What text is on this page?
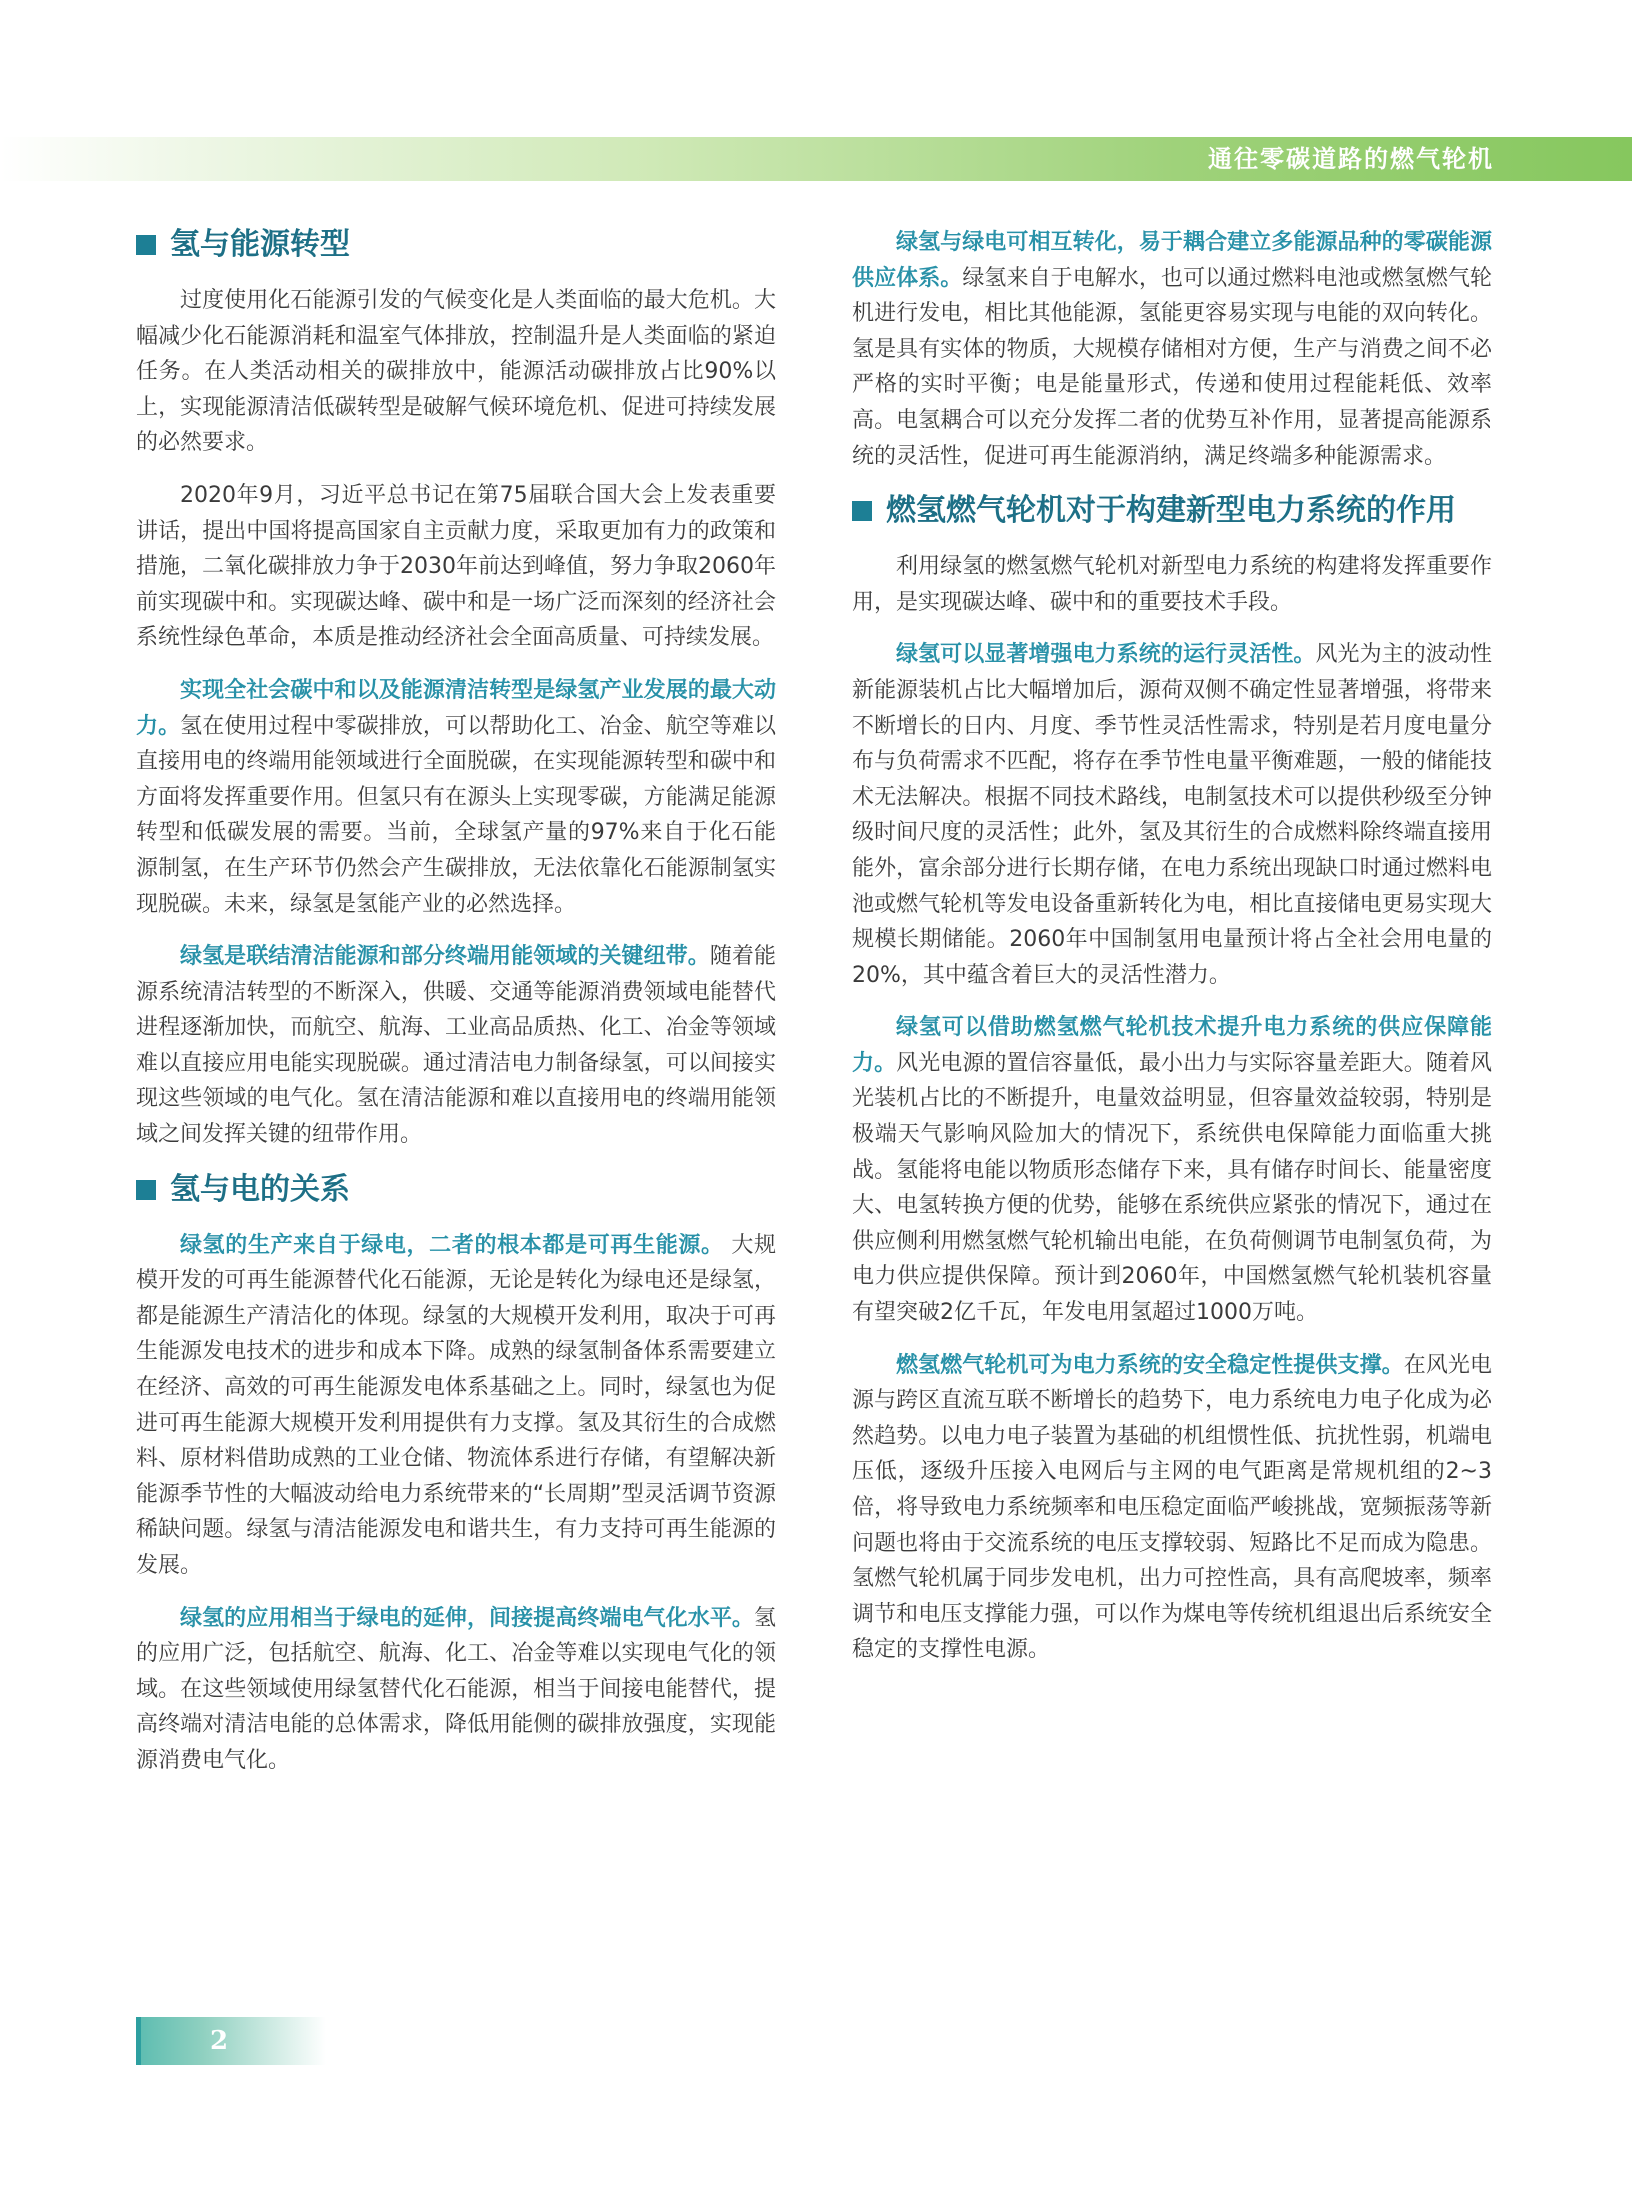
通往零碳道路的燃气轮机
氢与能源转型

过度使用化石能源引发的气候变化是人类面临的最大危机。大幅减少化石能源消耗和温室气体排放，控制温升是人类面临的紧迫任务。在人类活动相关的碳排放中，能源活动碳排放占比90%以上，实现能源清洁低碳转型是破解气候环境危机、促进可持续发展的必然要求。

2020年9月，习近平总书记在第75届联合国大会上发表重要讲话，提出中国将提高国家自主贡献力度，采取更加有力的政策和措施，二氧化碳排放力争于2030年前达到峰值，努力争取2060年前实现碳中和。实现碳达峰、碳中和是一场广泛而深刻的经济社会系统性绿色革命，本质是推动经济社会全面高质量、可持续发展。

实现全社会碳中和以及能源清洁转型是绿氢产业发展的最大动力。氢在使用过程中零碳排放，可以帮助化工、冶金、航空等难以直接用电的终端用能领域进行全面脱碳，在实现能源转型和碳中和方面将发挥重要作用。但氢只有在源头上实现零碳，方能满足能源转型和低碳发展的需要。当前，全球氢产量的97%来自于化石能源制氢，在生产环节仍然会产生碳排放，无法依靠化石能源制氢实现脱碳。未来，绿氢是氢能产业的必然选择。

绿氢是联结清洁能源和部分终端用能领域的关键纽带。随着能源系统清洁转型的不断深入，供暖、交通等能源消费领域电能替代进程逐渐加快，而航空、航海、工业高品质热、化工、冶金等领域难以直接应用电能实现脱碳。通过清洁电力制备绿氢，可以间接实现这些领域的电气化。氢在清洁能源和难以直接用电的终端用能领域之间发挥关键的纽带作用。

氢与电的关系

绿氢的生产来自于绿电，二者的根本都是可再生能源。 大规模开发的可再生能源替代化石能源，无论是转化为绿电还是绿氢，都是能源生产清洁化的体现。绿氢的大规模开发利用，取决于可再生能源发电技术的进步和成本下降。成熟的绿氢制备体系需要建立在经济、高效的可再生能源发电体系基础之上。同时，绿氢也为促进可再生能源大规模开发利用提供有力支撑。氢及其衍生的合成燃料、原材料借助成熟的工业仓储、物流体系进行存储，有望解决新能源季节性的大幅波动给电力系统带来的“长周期”型灵活调节资源稀缺问题。绿氢与清洁能源发电和谐共生，有力支持可再生能源的发展。

绿氢的应用相当于绿电的延伸，间接提高终端电气化水平。氢的应用广泛，包括航空、航海、化工、冶金等难以实现电气化的领域。在这些领域使用绿氢替代化石能源，相当于间接电能替代，提高终端对清洁电能的总体需求，降低用能侧的碳排放强度，实现能源消费电气化。

绿氢与绿电可相互转化，易于耦合建立多能源品种的零碳能源供应体系。绿氢来自于电解水，也可以通过燃料电池或燃氢燃气轮机进行发电，相比其他能源，氢能更容易实现与电能的双向转化。氢是具有实体的物质，大规模存储相对方便，生产与消费之间不必严格的实时平衡；电是能量形式，传递和使用过程能耗低、效率高。电氢耦合可以充分发挥二者的优势互补作用，显著提高能源系统的灵活性，促进可再生能源消纳，满足终端多种能源需求。

燃氢燃气轮机对于构建新型电力系统的作用

利用绿氢的燃氢燃气轮机对新型电力系统的构建将发挥重要作用，是实现碳达峰、碳中和的重要技术手段。

绿氢可以显著增强电力系统的运行灵活性。风光为主的波动性新能源装机占比大幅增加后，源荷双侧不确定性显著增强，将带来不断增长的日内、月度、季节性灵活性需求，特别是若月度电量分布与负荷需求不匹配，将存在季节性电量平衡难题，一般的储能技术无法解决。根据不同技术路线，电制氢技术可以提供秒级至分钟级时间尺度的灵活性；此外，氢及其衍生的合成燃料除终端直接用能外，富余部分进行长期存储，在电力系统出现缺口时通过燃料电池或燃气轮机等发电设备重新转化为电，相比直接储电更易实现大规模长期储能。2060年中国制氢用电量预计将占全社会用电量的20%，其中蕴含着巨大的灵活性潜力。

绿氢可以借助燃氢燃气轮机技术提升电力系统的供应保障能力。风光电源的置信容量低，最小出力与实际容量差距大。随着风光装机占比的不断提升，电量效益明显，但容量效益较弱，特别是极端天气影响风险加大的情况下，系统供电保障能力面临重大挑战。氢能将电能以物质形态储存下来，具有储存时间长、能量密度大、电氢转换方便的优势，能够在系统供应紧张的情况下，通过在供应侧利用燃氢燃气轮机输出电能，在负荷侧调节电制氢负荷，为电力供应提供保障。预计到2060年，中国燃氢燃气轮机装机容量有望突破2亿千瓦，年发电用氢超过1000万吨。

燃氢燃气轮机可为电力系统的安全稳定性提供支撑。在风光电源与跨区直流互联不断增长的趋势下，电力系统电力电子化成为必然趋势。以电力电子装置为基础的机组惯性低、抗扰性弱，机端电压低，逐级升压接入电网后与主网的电气距离是常规机组的2~3倍，将导致电力系统频率和电压稳定面临严峻挑战，宽频振荡等新问题也将由于交流系统的电压支撑较弱、短路比不足而成为隐患。氢燃气轮机属于同步发电机，出力可控性高，具有高爬坡率，频率调节和电压支撑能力强，可以作为煤电等传统机组退出后系统安全稳定的支撑性电源。

2
